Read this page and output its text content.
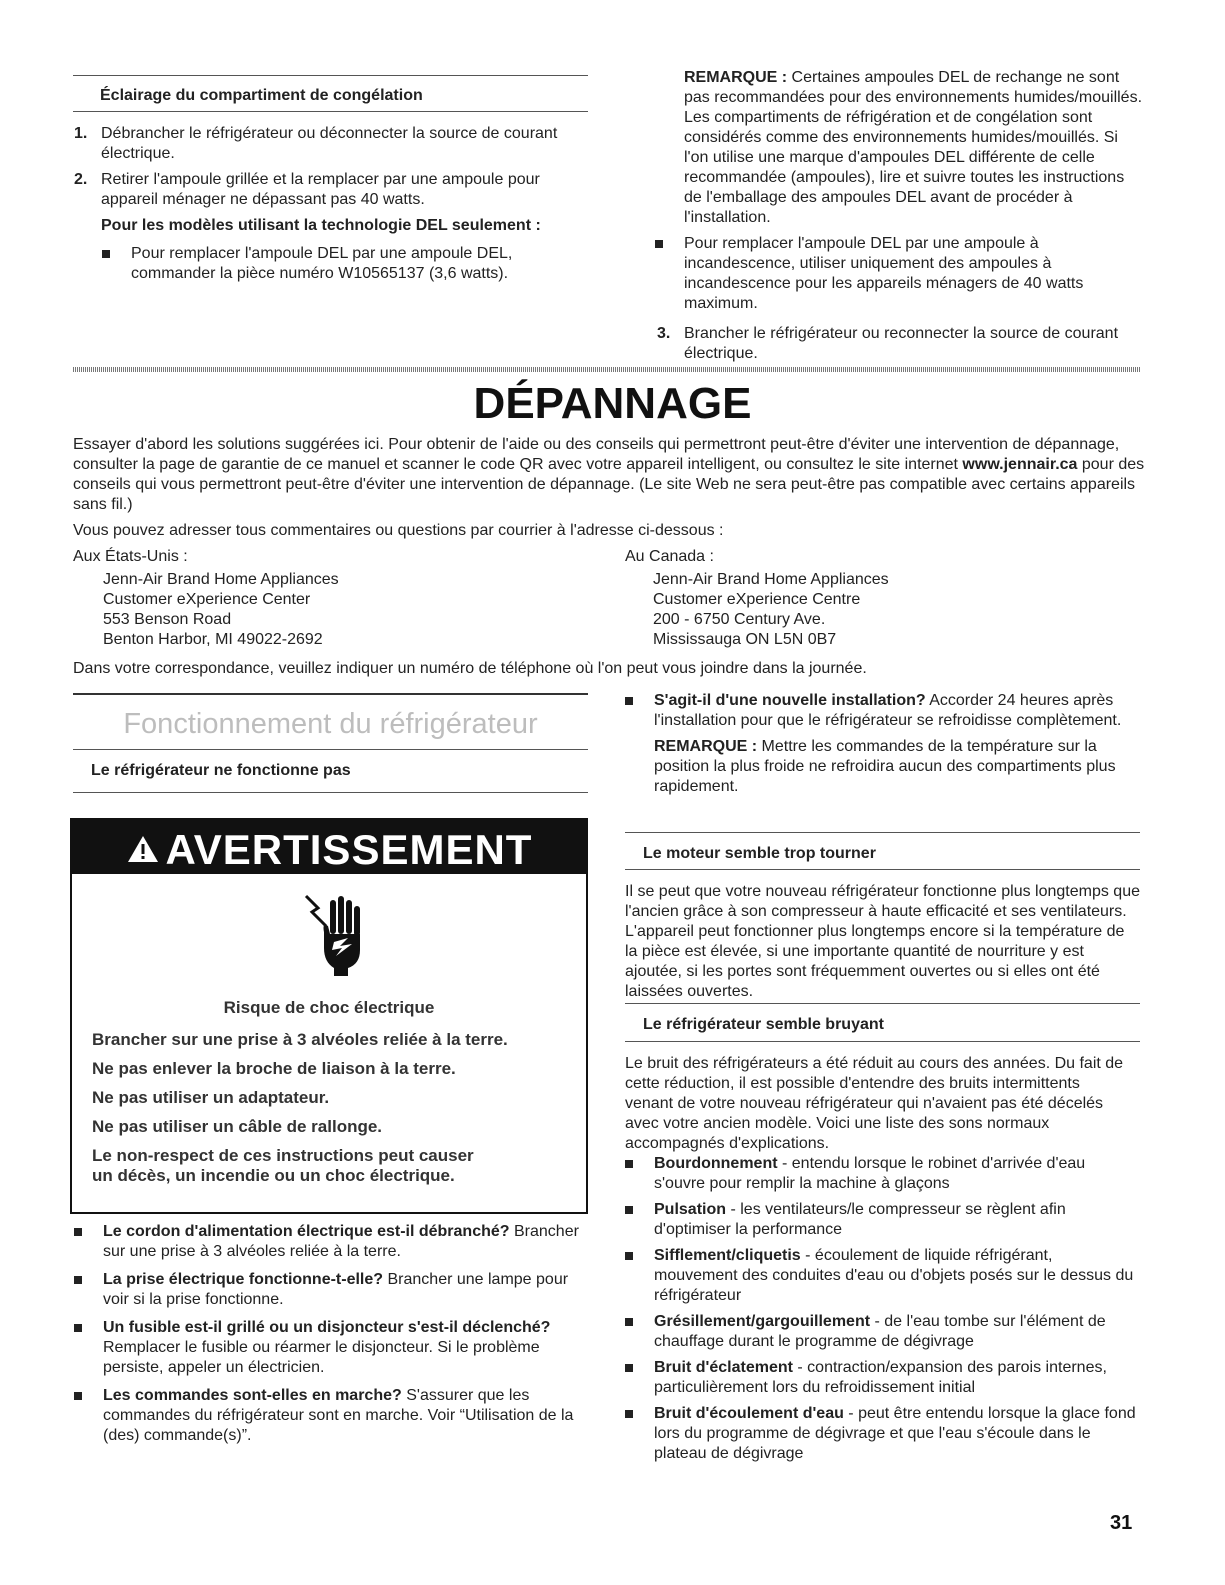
Éclairage du compartiment de congélation
1. Débrancher le réfrigérateur ou déconnecter la source de courant électrique.
2. Retirer l'ampoule grillée et la remplacer par une ampoule pour appareil ménager ne dépassant pas 40 watts.
Pour les modèles utilisant la technologie DEL seulement :
Pour remplacer l'ampoule DEL par une ampoule DEL, commander la pièce numéro W10565137 (3,6 watts).

REMARQUE : Certaines ampoules DEL de rechange ne sont pas recommandées pour des environnements humides/mouillés. Les compartiments de réfrigération et de congélation sont considérés comme des environnements humides/mouillés. Si l'on utilise une marque d'ampoules DEL différente de celle recommandée (ampoules), lire et suivre toutes les instructions de l'emballage des ampoules DEL avant de procéder à l'installation.

Pour remplacer l'ampoule DEL par une ampoule à incandescence, utiliser uniquement des ampoules à incandescence pour les appareils ménagers de 40 watts maximum.
3. Brancher le réfrigérateur ou reconnecter la source de courant électrique.
DÉPANNAGE

Essayer d'abord les solutions suggérées ici. Pour obtenir de l'aide ou des conseils qui permettront peut-être d'éviter une intervention de dépannage, consulter la page de garantie de ce manuel et scanner le code QR avec votre appareil intelligent, ou consultez le site internet www.jennair.ca pour des conseils qui vous permettront peut-être d'éviter une intervention de dépannage. (Le site Web ne sera peut-être pas compatible avec certains appareils sans fil.)

Vous pouvez adresser tous commentaires ou questions par courrier à l'adresse ci-dessous :

Aux États-Unis :

Jenn-Air Brand Home Appliances

Customer eXperience Center

553 Benson Road

Benton Harbor, MI 49022-2692

Au Canada :

Jenn-Air Brand Home Appliances

Customer eXperience Centre

200 - 6750 Century Ave.

Mississauga ON L5N 0B7

Dans votre correspondance, veuillez indiquer un numéro de téléphone où l'on peut vous joindre dans la journée.
Fonctionnement du réfrigérateur
Le réfrigérateur ne fonctionne pas
AVERTISSEMENT
Risque de choc électrique

Brancher sur une prise à 3 alvéoles reliée à la terre.

Ne pas enlever la broche de liaison à la terre.

Ne pas utiliser un adaptateur.

Ne pas utiliser un câble de rallonge.

Le non-respect de ces instructions peut causer

un décès, un incendie ou un choc électrique.

Le cordon d'alimentation électrique est-il débranché? Brancher sur une prise à 3 alvéoles reliée à la terre.
La prise électrique fonctionne-t-elle? Brancher une lampe pour voir si la prise fonctionne.
Un fusible est-il grillé ou un disjoncteur s'est-il déclenché? Remplacer le fusible ou réarmer le disjoncteur. Si le problème persiste, appeler un électricien.
Les commandes sont-elles en marche? S'assurer que les commandes du réfrigérateur sont en marche. Voir “Utilisation de la (des) commande(s)”.
S'agit-il d'une nouvelle installation? Accorder 24 heures après l'installation pour que le réfrigérateur se refroidisse complètement.

REMARQUE : Mettre les commandes de la température sur la position la plus froide ne refroidira aucun des compartiments plus rapidement.

Le moteur semble trop tourner
Il se peut que votre nouveau réfrigérateur fonctionne plus longtemps que l'ancien grâce à son compresseur à haute efficacité et ses ventilateurs. L'appareil peut fonctionner plus longtemps encore si la température de la pièce est élevée, si une importante quantité de nourriture y est ajoutée, si les portes sont fréquemment ouvertes ou si elles ont été laissées ouvertes.
Le réfrigérateur semble bruyant
Le bruit des réfrigérateurs a été réduit au cours des années. Du fait de cette réduction, il est possible d'entendre des bruits intermittents venant de votre nouveau réfrigérateur qui n'avaient pas été décelés avec votre ancien modèle. Voici une liste des sons normaux accompagnés d'explications.
Bourdonnement - entendu lorsque le robinet d'arrivée d'eau s'ouvre pour remplir la machine à glaçons
Pulsation - les ventilateurs/le compresseur se règlent afin d'optimiser la performance
Sifflement/cliquetis - écoulement de liquide réfrigérant, mouvement des conduites d'eau ou d'objets posés sur le dessus du réfrigérateur
Grésillement/gargouillement - de l'eau tombe sur l'élément de chauffage durant le programme de dégivrage
Bruit d'éclatement - contraction/expansion des parois internes, particulièrement lors du refroidissement initial
Bruit d'écoulement d'eau - peut être entendu lorsque la glace fond lors du programme de dégivrage et que l'eau s'écoule dans le plateau de dégivrage
31
